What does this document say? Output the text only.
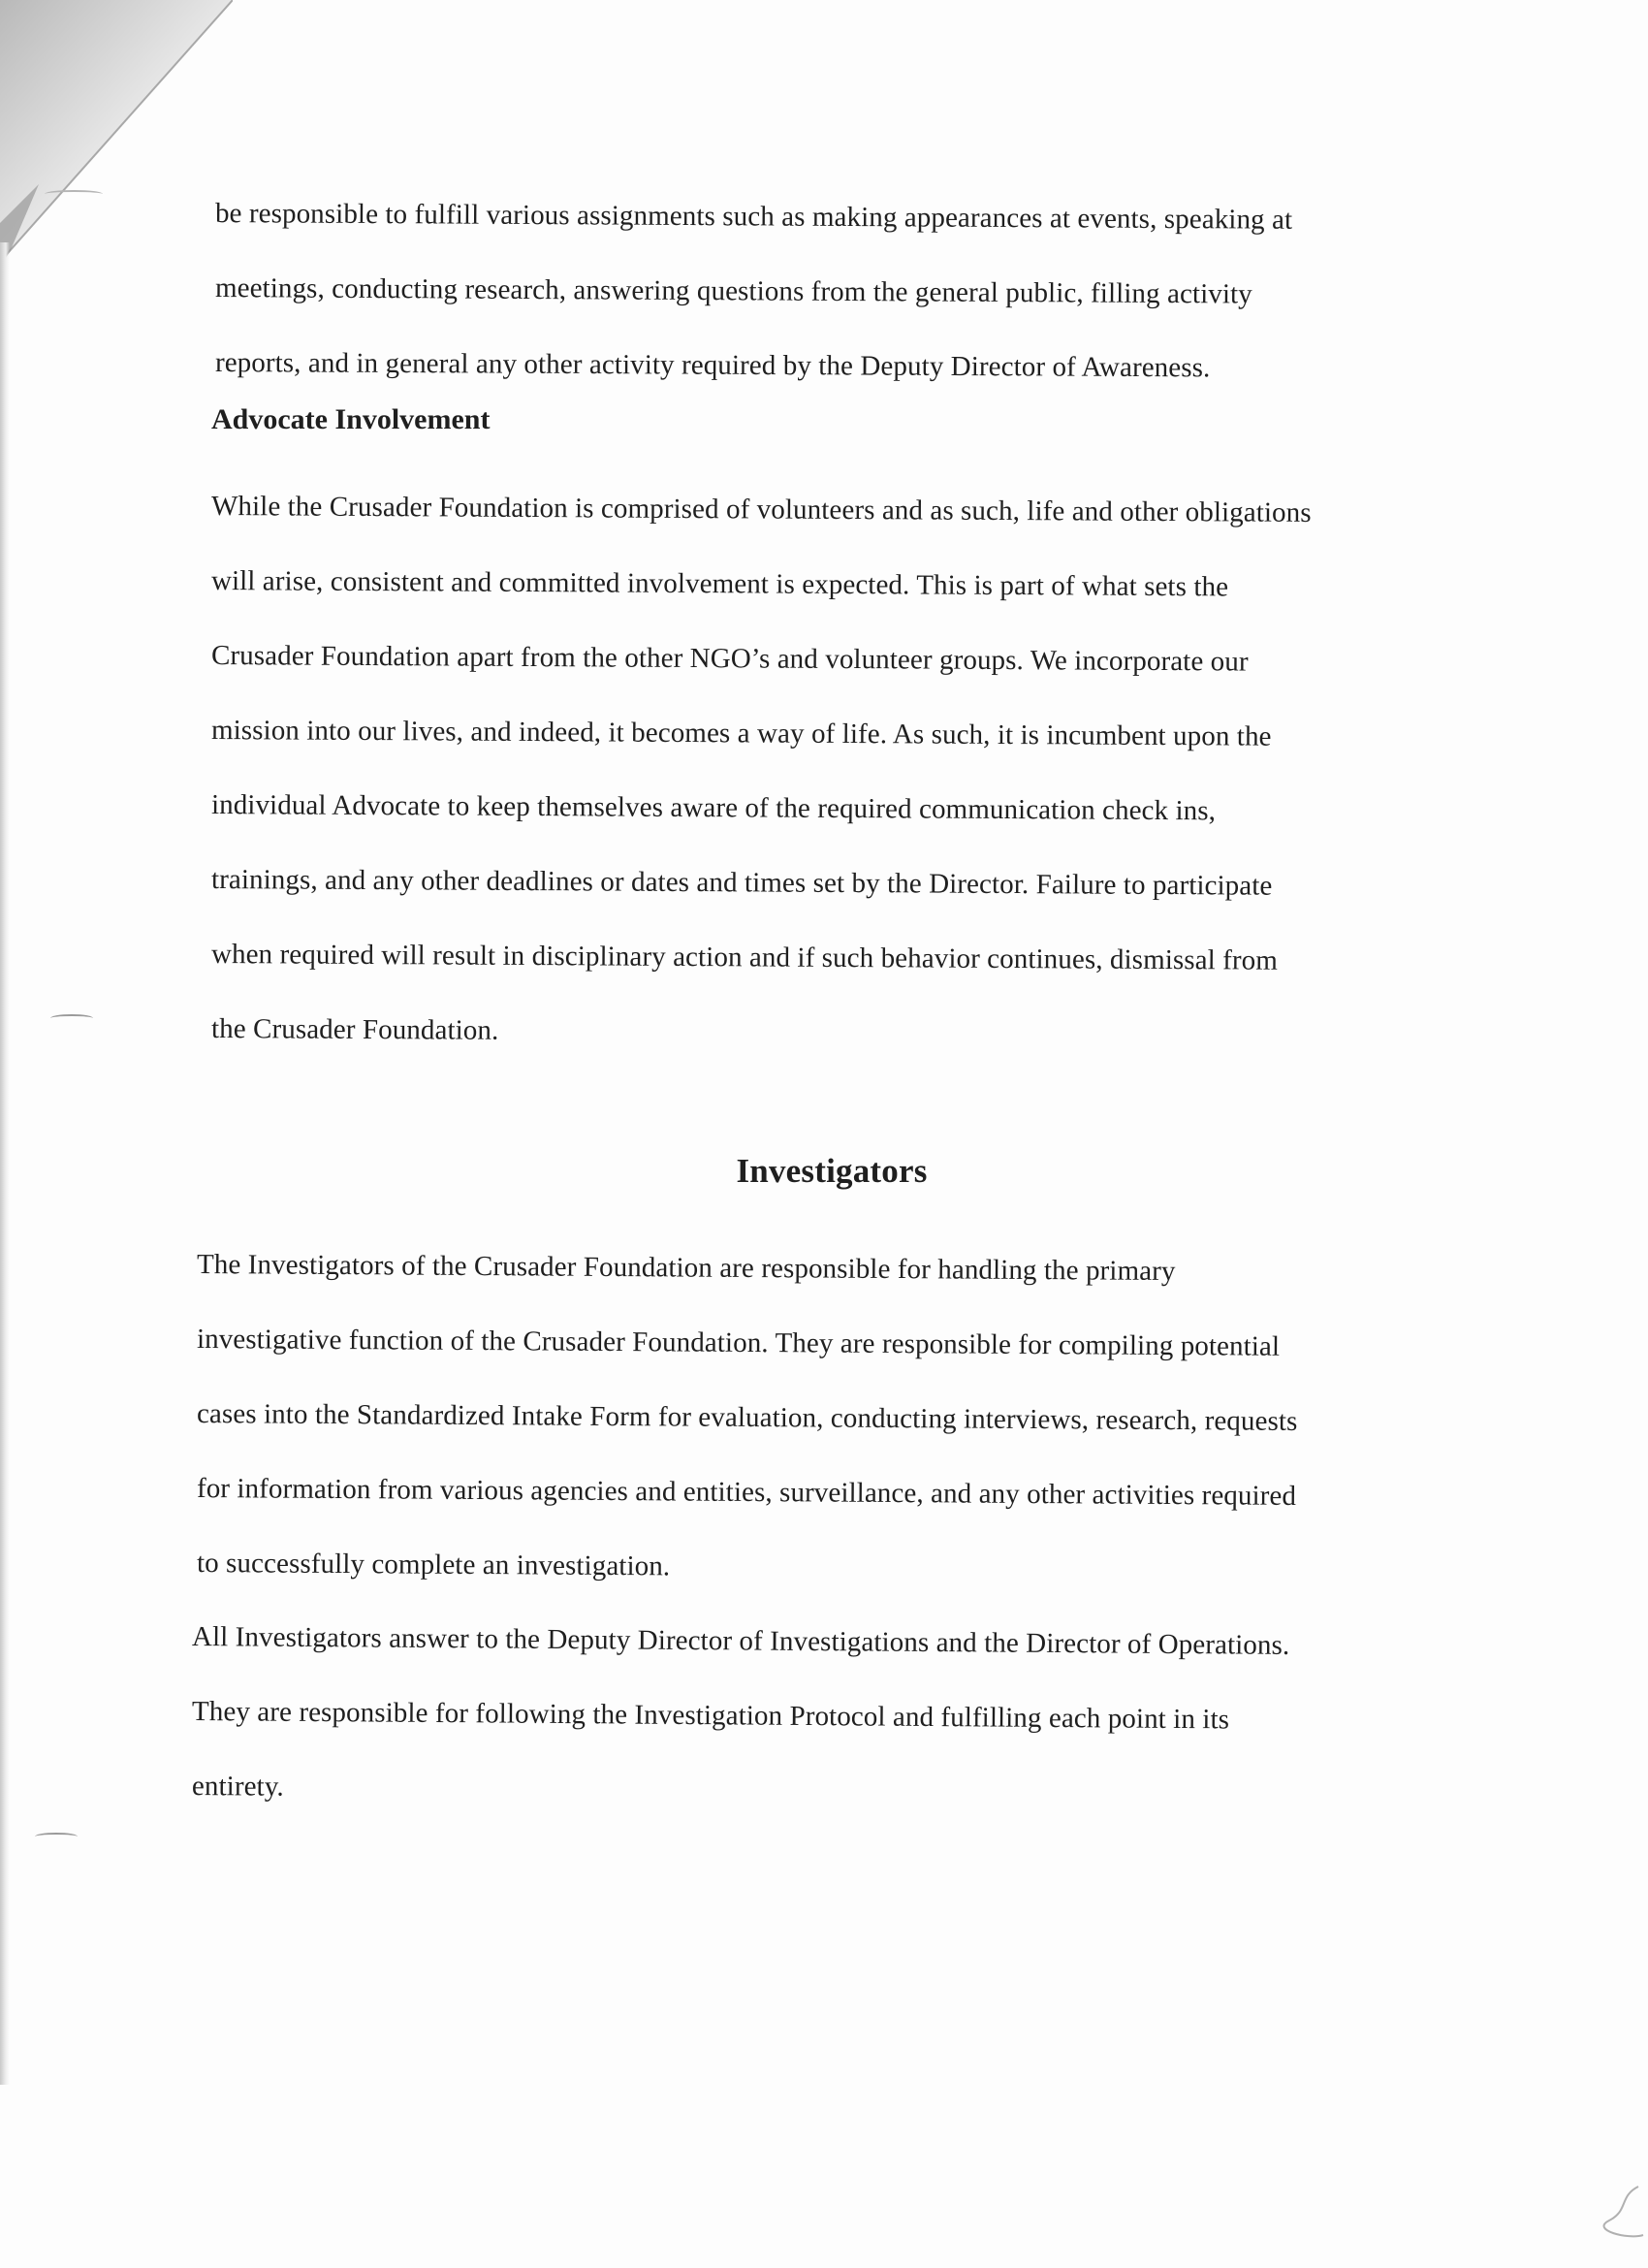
be responsible to fulfill various assignments such as making appearances at events, speaking at
meetings, conducting research, answering questions from the general public, filling activity
reports, and in general any other activity required by the Deputy Director of Awareness.
Advocate Involvement
While the Crusader Foundation is comprised of volunteers and as such, life and other obligations
will arise, consistent and committed involvement is expected. This is part of what sets the
Crusader Foundation apart from the other NGO’s and volunteer groups. We incorporate our
mission into our lives, and indeed, it becomes a way of life. As such, it is incumbent upon the
individual Advocate to keep themselves aware of the required communication check ins,
trainings, and any other deadlines or dates and times set by the Director. Failure to participate
when required will result in disciplinary action and if such behavior continues, dismissal from
the Crusader Foundation.
Investigators
The Investigators of the Crusader Foundation are responsible for handling the primary
investigative function of the Crusader Foundation. They are responsible for compiling potential
cases into the Standardized Intake Form for evaluation, conducting interviews, research, requests
for information from various agencies and entities, surveillance, and any other activities required
to successfully complete an investigation.
All Investigators answer to the Deputy Director of Investigations and the Director of Operations.
They are responsible for following the Investigation Protocol and fulfilling each point in its
entirety.
